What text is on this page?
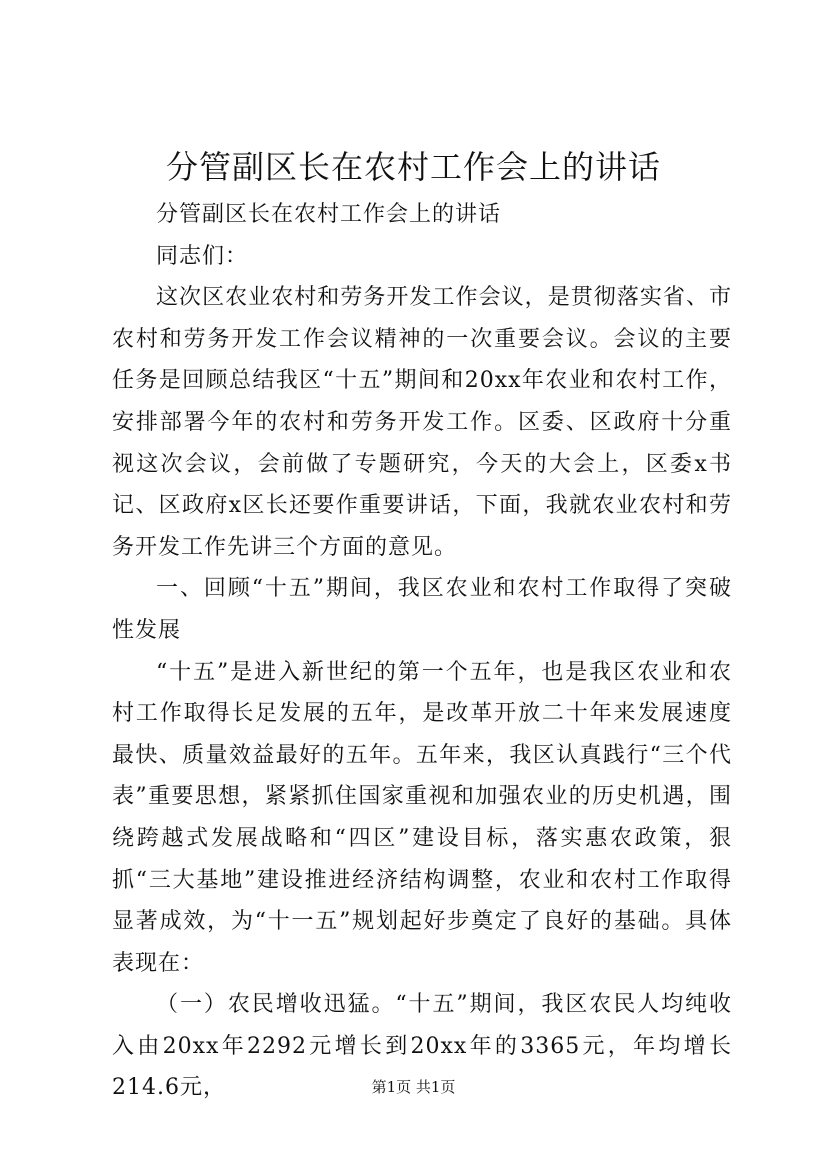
分管副区长在农村工作会上的讲话

分管副区长在农村工作会上的讲话

同志们：

这次区农业农村和劳务开发工作会议，是贯彻落实省、市农村和劳务开发工作会议精神的一次重要会议。会议的主要任务是回顾总结我区“十五”期间和20xx年农业和农村工作，安排部署今年的农村和劳务开发工作。区委、区政府十分重视这次会议，会前做了专题研究，今天的大会上，区委x书记、区政府x区长还要作重要讲话，下面，我就农业农村和劳务开发工作先讲三个方面的意见。

一、回顾“十五”期间，我区农业和农村工作取得了突破性发展

“十五”是进入新世纪的第一个五年，也是我区农业和农村工作取得长足发展的五年，是改革开放二十年来发展速度最快、质量效益最好的五年。五年来，我区认真践行“三个代表”重要思想，紧紧抓住国家重视和加强农业的历史机遇，围绕跨越式发展战略和“四区”建设目标，落实惠农政策，狠抓“三大基地”建设推进经济结构调整，农业和农村工作取得显著成效，为“十一五”规划起好步奠定了良好的基础。具体表现在：

（一）农民增收迅猛。“十五”期间，我区农民人均纯收入由20xx年2292元增长到20xx年的3365元，年均增长214.6元，	第1页 共1页
